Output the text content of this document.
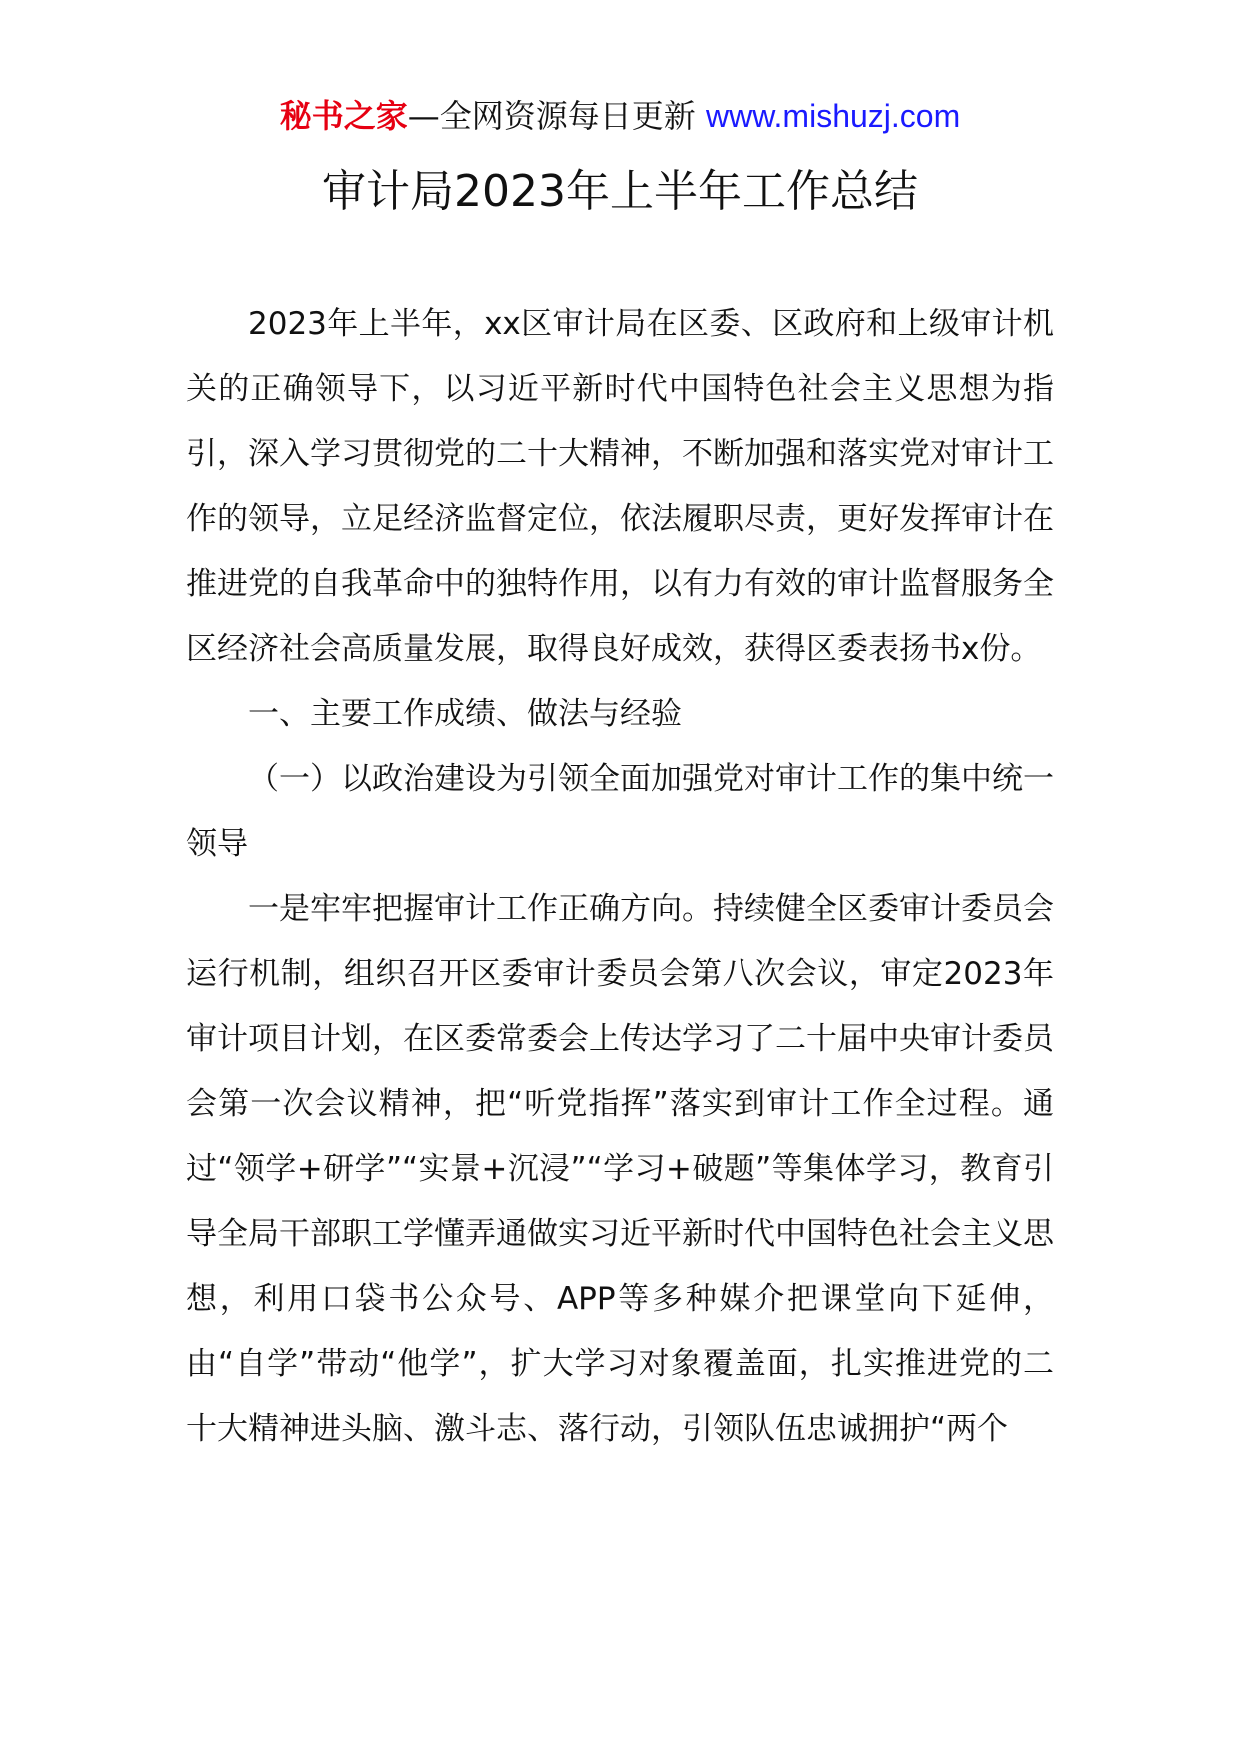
秘书之家—全网资源每日更新 www.mishuzj.com
审计局2023年上半年工作总结

2023年上半年，xx区审计局在区委、区政府和上级审计机关的正确领导下，以习近平新时代中国特色社会主义思想为指引，深入学习贯彻党的二十大精神，不断加强和落实党对审计工作的领导，立足经济监督定位，依法履职尽责，更好发挥审计在推进党的自我革命中的独特作用，以有力有效的审计监督服务全区经济社会高质量发展，取得良好成效，获得区委表扬书x份。

一、主要工作成绩、做法与经验

（一）以政治建设为引领全面加强党对审计工作的集中统一领导

一是牢牢把握审计工作正确方向。持续健全区委审计委员会运行机制，组织召开区委审计委员会第八次会议，审定2023年审计项目计划，在区委常委会上传达学习了二十届中央审计委员会第一次会议精神，把“听党指挥”落实到审计工作全过程。通过“领学+研学”“实景+沉浸”“学习+破题”等集体学习，教育引导全局干部职工学懂弄通做实习近平新时代中国特色社会主义思想，利用口袋书公众号、APP等多种媒介把课堂向下延伸，由“自学”带动“他学”，扩大学习对象覆盖面，扎实推进党的二十大精神进头脑、激斗志、落行动，引领队伍忠诚拥护“两个
